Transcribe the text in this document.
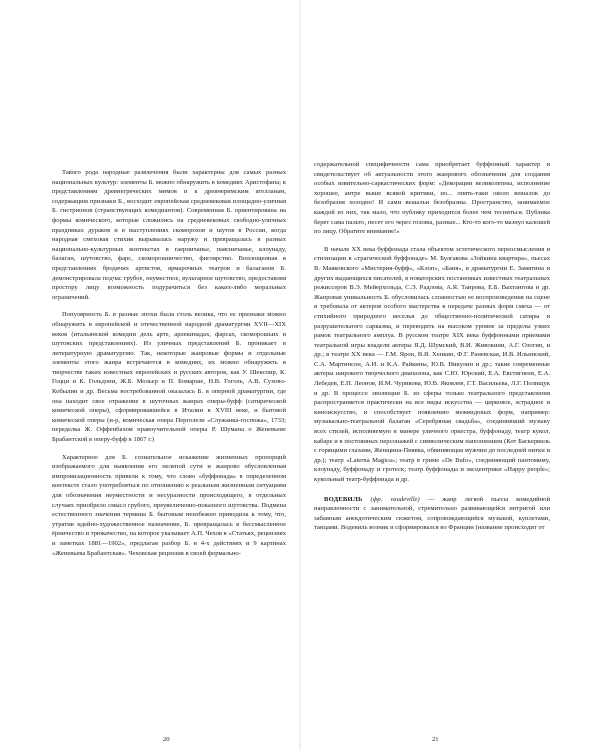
Такого рода народные развлечения были характерны для самых разных национальных культур: элементы Б. можно обнаружить в комедиях Аристофана; к представлениям древнегреческих мимов и к древнеримским ателланам, содержащим признаки Б., восходит европейская средневековая площадно-уличная Б. гистрионов (странствующих комедиантов). Современная Б. ориентирована на формы комического, которые сложились на средневековых свободно-уличных праздниках дураков и в выступлениях скоморохов и шутов в России, когда народная смеховая стихия вырывалась наружу и превращалась в разных национально-культурных контекстах в гаерничанье, паясничанье, клоунаду, балаган, шутовство, фарс, скоморошничество, фиглярство. Воплощенная в представлениях бродячих артистов, ярмарочных театров и балаганов Б. демонстрировала подчас грубое, неуместное, вульгарное шутовство, предоставляя простору лицу возможность подурачиться без каких-либо моральных ограничений.

Популярность Б. в разные эпохи была столь велика, что ее признаки можно обнаружить в европейской и отечественной народной драматургии XVII—XIX веков (итальянской комедии дель арте, арлекинадах, фарсах, скоморошьих и шутовских представлениях). Из уличных представлений Б. проникает в литературную драматургию. Так, некоторые жанровые формы и отдельные элементы этого жанра встречаются в комедиях, их можно обнаружить в творчестве таких известных европейских и русских авторов, как У. Шекспир, К. Гоцци и К. Гольдони, Ж.Б. Мольер и П. Бомарше, Н.В. Гоголь, А.В. Сухово-Кобылин и др. Весьма востребованной оказалась Б. в оперной драматургии, где она находит свое отражение в шуточных жанрах оперы-буфф (сатирической комической оперы), сформировавшейся в Италии в XVIII веке, и бытовой комической оперы (и-р, комическая опера Перголези «Служанка-госпожа», 1733; переделка Ж. Оффенбахом нравоучительной оперы Р. Шумана о Женевьеве Брабантской в оперу-буфф в 1867 г.)

Характерное для Б. сознательное искажение жизненных пропорций изображаемого для выявления его нелепой сути и жанрово обусловленная импровизационность привели к тому, что слово «буффонада» в определенном контексте стало употребляться по отношению к реальным жизненным ситуациям для обозначения неуместности и несуразности происходящего, в отдельных случаях приобрело смысл грубого, преувеличенно-показного шутовства. Подмена естественного значения термина Б. бытовым неизбежно приводила к тому, что, утратив идейно-художественное назначение, Б. превращалась в бессмысленное ёрничество и трюкачество, на которое указывает А.П. Чехов в «Статьях, рецензиях и заметках 1881—1902», предлагая разбор Б. в 4-х действиях и 9 картинах «Женевьева Брабантская». Чеховская рецензия в своей формально-

20

содержательной специфичности сама приобретает буффонный характер и свидетельствует об актуальности этого жанрового обозначения для создания особых язвительно-саркастических форм: «Декорации великолепны, исполнение хорошее, антре выше всякой критики, но... опять-таки около вешалок до безобразия холодно! И сами вешальи безобразны. Пространство, занимаемое каждой из них, так мало, что публику приходится более чем тесниться. Публика берет сама пальто, несет его через головы, разные... Кто-то кого-то мазнул калошей по лицу. Обратите внимание!»

В начале XX века буффонада стала объектом эстетического переосмысления и стилизации в «трагической буффонаде» М. Булгакова «Зойкина квартира», пьесах В. Маяковского «Мистерия-буфф», «Клоп», «Баня», в драматургии Е. Замятина и других выдающихся писателей, в новаторских постановках известных театральных режиссеров В.Э. Мейерхольда, С.Э. Радлова, А.Я. Таирова, Е.Б. Вахтангова и др. Жанровая уникальность Б. обусловилась сложностью ее воспроизведения на сцене и требовала от актеров особого мастерства в передаче разных форм смеха — от стихийного природного веселья до общественно-политической сатиры и разрушительного сарказма, и переводить на высоком уровне за пределы узких рамок театрального амплуа. В русском театре XIX века буффонными приемами театральной игры владели актеры Я.Д. Шумский, В.И. Живокини, А.Г. Озогин, и др.; в театре XX века — Г.М. Ярон, В.Я. Хенкин, Ф.Г. Раневская, И.В. Ильинский, С.А. Мартинсон, А.И. и К.А. Райкины, Ю.В. Никулин и др.; такие современные актеры широкого творческого диапазона, как С.Ю. Юрский, Е.А. Евстигнеев, Е.А. Лебедев, Е.П. Леонов, И.М. Чурикова, Ю.В. Яковлев, Г.Т. Васильева, Л.Г. Полищук и др. В процессе эволюции Б. из сферы только театрального представления распространяется практически на все виды искусства — цирковое, эстрадное и киноискусство, и способствует появлению межвидовых форм, например: музыкально-театральной балаган «Серебряная свадьба», соединивший музыку всех стилей, исполняемую в манере уличного оркестра, буффонаду, театр кукол, кабаре и в постоянных персонажей с символическим наполнением (Кот Баскервиль с горящими глазами, Женщина-Пиявка, обвиняющая мужчин до последней нитки и др.); театр «Laterna Magica»; театр в гриме «De Bufo», соединяющий пантомиму, клоунаду, буффонаду и гротеск; театр буффонады и эксцентрики «Happy people»; кукольный театр-буффонада и др.

ВОДЕВИЛЬ (фр. vaudeville) — жанр легкой пьесы комедийной направленности с занимательной, стремительно развивающейся интригой или забавным анекдотическим сюжетом, сопровождающийся музыкой, куплетами, танцами. Водевиль возник и сформировался во Франции (название происходит от

21
